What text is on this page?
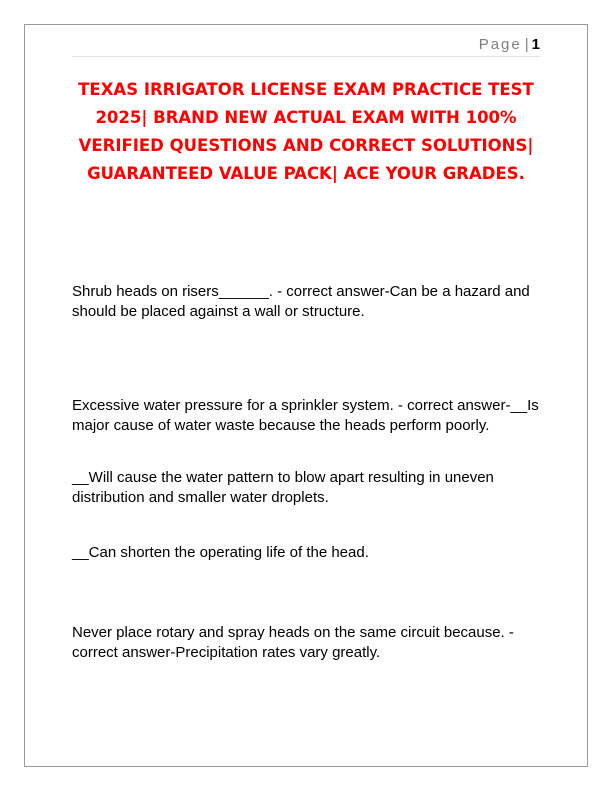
Page | 1
TEXAS IRRIGATOR LICENSE EXAM PRACTICE TEST 2025| BRAND NEW ACTUAL EXAM WITH 100% VERIFIED QUESTIONS AND CORRECT SOLUTIONS| GUARANTEED VALUE PACK| ACE YOUR GRADES.

Shrub heads on risers______. - correct answer-Can be a hazard and should be placed against a wall or structure.

Excessive water pressure for a sprinkler system. - correct answer-__Is major cause of water waste because the heads perform poorly.

__Will cause the water pattern to blow apart resulting in uneven distribution and smaller water droplets.

__Can shorten the operating life of the head.

Never place rotary and spray heads on the same circuit because. - correct answer-Precipitation rates vary greatly.
